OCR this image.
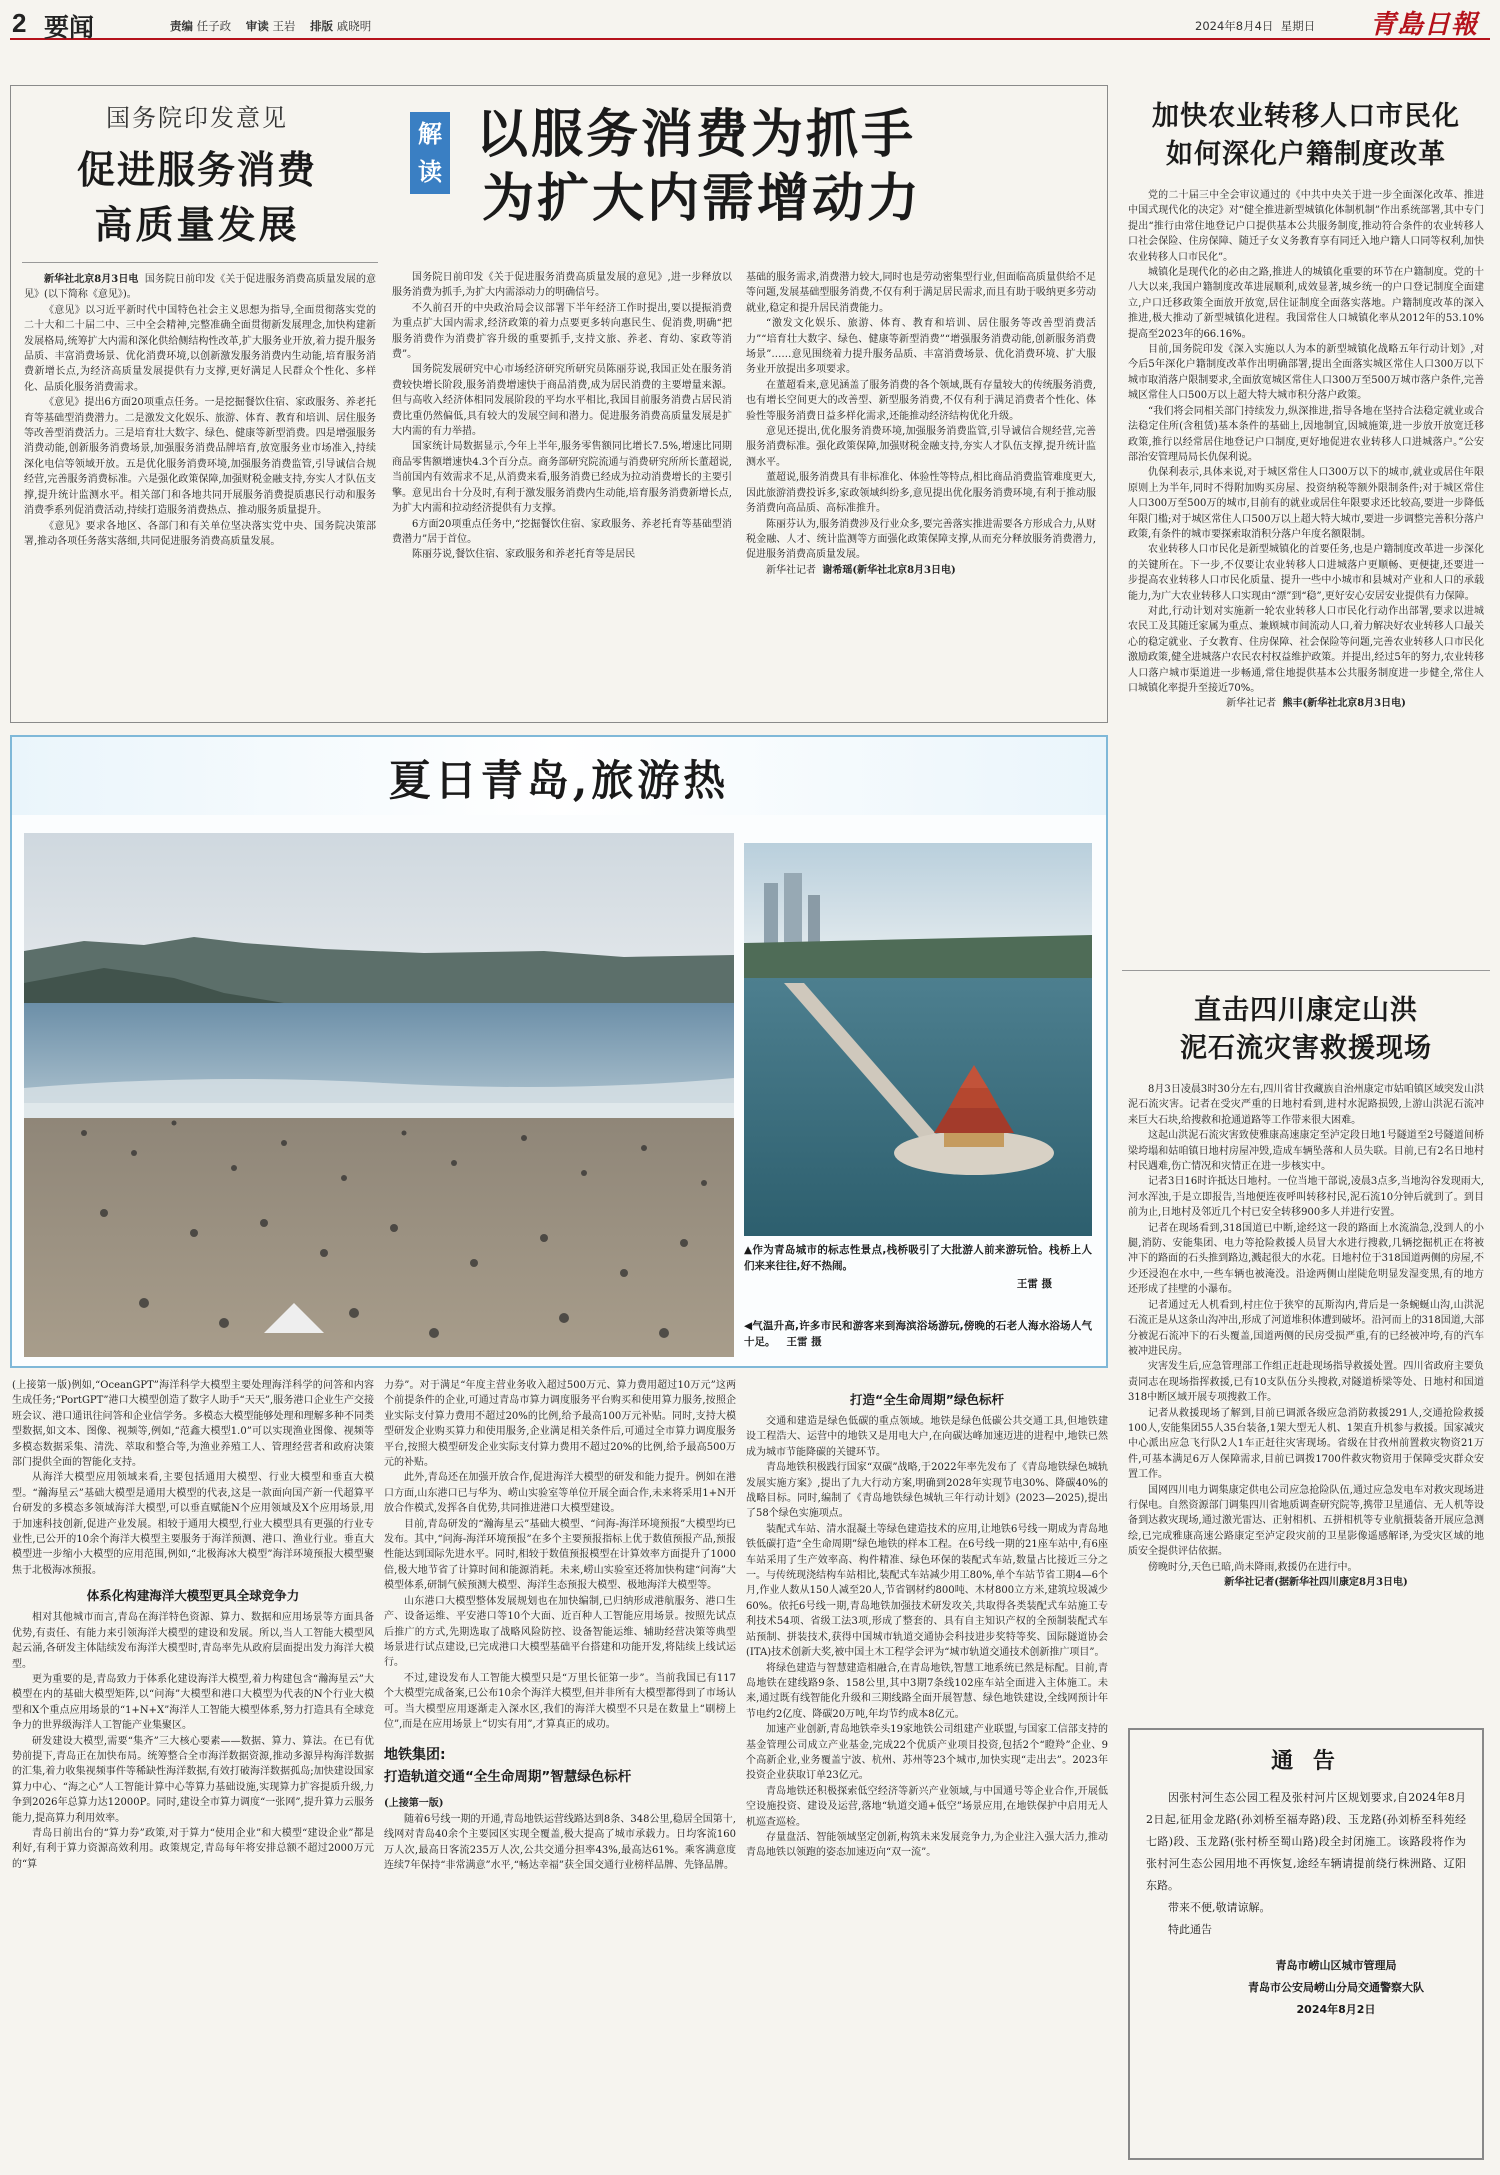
2 要闻	责编 任子政 审读 王岩 排版 戚晓明	2024年8月4日 星期日 青島日報
国务院印发意见
促进服务消费
高质量发展

新华社北京8月3日电 国务院日前印发《关于促进服务消费高质量发展的意见》(以下简称《意见》)。

《意见》以习近平新时代中国特色社会主义思想为指导,全面贯彻落实党的二十大和二十届二中、三中全会精神,完整准确全面贯彻新发展理念,加快构建新发展格局,统筹扩大内需和深化供给侧结构性改革,扩大服务业开放,着力提升服务品质、丰富消费场景、优化消费环境,以创新激发服务消费内生动能,培育服务消费新增长点,为经济高质量发展提供有力支撑,更好满足人民群众个性化、多样化、品质化服务消费需求。

《意见》提出6方面20项重点任务。一是挖掘餐饮住宿、家政服务、养老托育等基础型消费潜力。二是激发文化娱乐、旅游、体育、教育和培训、居住服务等改善型消费活力。三是培育壮大数字、绿色、健康等新型消费。四是增强服务消费动能,创新服务消费场景,加强服务消费品牌培育,放宽服务业市场准入,持续深化电信等领域开放。五是优化服务消费环境,加强服务消费监管,引导诚信合规经营,完善服务消费标准。六是强化政策保障,加强财税金融支持,夯实人才队伍支撑,提升统计监测水平。相关部门和各地共同开展服务消费提质惠民行动和服务消费季系列促消费活动,持续打造服务消费热点、推动服务质量提升。

《意见》要求各地区、各部门和有关单位坚决落实党中央、国务院决策部署,推动各项任务落实落细,共同促进服务消费高质量发展。

解
读
以服务消费为抓手
为扩大内需增动力

国务院日前印发《关于促进服务消费高质量发展的意见》,进一步释放以服务消费为抓手,为扩大内需添动力的明确信号。

不久前召开的中央政治局会议部署下半年经济工作时提出,要以提振消费为重点扩大国内需求,经济政策的着力点要更多转向惠民生、促消费,明确“把服务消费作为消费扩容升级的重要抓手,支持文旅、养老、育幼、家政等消费”。

国务院发展研究中心市场经济研究所研究员陈丽芬说,我国正处在服务消费较快增长阶段,服务消费增速快于商品消费,成为居民消费的主要增量来源。但与高收入经济体相同发展阶段的平均水平相比,我国目前服务消费占居民消费比重仍然偏低,具有较大的发展空间和潜力。促进服务消费高质量发展是扩大内需的有力举措。

国家统计局数据显示,今年上半年,服务零售额同比增长7.5%,增速比同期商品零售额增速快4.3个百分点。商务部研究院流通与消费研究所所长董超说,当前国内有效需求不足,从消费来看,服务消费已经成为拉动消费增长的主要引擎。意见出台十分及时,有利于激发服务消费内生动能,培育服务消费新增长点,为扩大内需和拉动经济提供有力支撑。

6方面20项重点任务中,“挖掘餐饮住宿、家政服务、养老托育等基础型消费潜力”居于首位。

陈丽芬说,餐饮住宿、家政服务和养老托育等是居民

基础的服务需求,消费潜力较大,同时也是劳动密集型行业,但面临高质量供给不足等问题,发展基础型服务消费,不仅有利于满足居民需求,而且有助于吸纳更多劳动就业,稳定和提升居民消费能力。

“激发文化娱乐、旅游、体育、教育和培训、居住服务等改善型消费活力”“培育壮大数字、绿色、健康等新型消费”“增强服务消费动能,创新服务消费场景”……意见围绕着力提升服务品质、丰富消费场景、优化消费环境、扩大服务业开放提出多项要求。

在董超看来,意见涵盖了服务消费的各个领域,既有存量较大的传统服务消费,也有增长空间更大的改善型、新型服务消费,不仅有利于满足消费者个性化、体验性等服务消费日益多样化需求,还能推动经济结构优化升级。

意见还提出,优化服务消费环境,加强服务消费监管,引导诚信合规经营,完善服务消费标准。强化政策保障,加强财税金融支持,夯实人才队伍支撑,提升统计监测水平。

董超说,服务消费具有非标准化、体验性等特点,相比商品消费监管难度更大,因此旅游消费投诉多,家政领域纠纷多,意见提出优化服务消费环境,有利于推动服务消费向高品质、高标准推升。

陈丽芬认为,服务消费涉及行业众多,要完善落实推进需要各方形成合力,从财税金融、人才、统计监测等方面强化政策保障支撑,从而充分释放服务消费潜力,促进服务消费高质量发展。

新华社记者 谢希瑶(新华社北京8月3日电)

加快农业转移人口市民化
如何深化户籍制度改革

党的二十届三中全会审议通过的《中共中央关于进一步全面深化改革、推进中国式现代化的决定》对“健全推进新型城镇化体制机制”作出系统部署,其中专门提出“推行由常住地登记户口提供基本公共服务制度,推动符合条件的农业转移人口社会保险、住房保障、随迁子女义务教育享有同迁入地户籍人口同等权利,加快农业转移人口市民化”。

城镇化是现代化的必由之路,推进人的城镇化重要的环节在户籍制度。党的十八大以来,我国户籍制度改革进展顺利,成效显著,城乡统一的户口登记制度全面建立,户口迁移政策全面放开放宽,居住证制度全面落实落地。户籍制度改革的深入推进,极大推动了新型城镇化进程。我国常住人口城镇化率从2012年的53.10%提高至2023年的66.16%。

目前,国务院印发《深入实施以人为本的新型城镇化战略五年行动计划》,对今后5年深化户籍制度改革作出明确部署,提出全面落实城区常住人口300万以下城市取消落户限制要求,全面放宽城区常住人口300万至500万城市落户条件,完善城区常住人口500万以上超大特大城市积分落户政策。

“我们将会同相关部门持续发力,纵深推进,指导各地在坚持合法稳定就业或合法稳定住所(含租赁)基本条件的基础上,因地制宜,因城施策,进一步放开放宽迁移政策,推行以经常居住地登记户口制度,更好地促进农业转移人口进城落户。”公安部治安管理局局长仇保利说。

仇保利表示,具体来说,对于城区常住人口300万以下的城市,就业或居住年限原则上为半年,同时不得附加购买房屋、投资纳税等额外限制条件;对于城区常住人口300万至500万的城市,目前有的就业或居住年限要求还比较高,要进一步降低年限门槛;对于城区常住人口500万以上超大特大城市,要进一步调整完善积分落户政策,有条件的城市要探索取消积分落户年度名额限制。

农业转移人口市民化是新型城镇化的首要任务,也是户籍制度改革进一步深化的关键所在。下一步,不仅要让农业转移人口进城落户更顺畅、更便捷,还要进一步提高农业转移人口市民化质量、提升一些中小城市和县城对产业和人口的承载能力,为广大农业转移人口实现由“漂”到“稳”,更好安心安居安业提供有力保障。

对此,行动计划对实施新一轮农业转移人口市民化行动作出部署,要求以进城农民工及其随迁家属为重点、兼顾城市间流动人口,着力解决好农业转移人口最关心的稳定就业、子女教育、住房保障、社会保险等问题,完善农业转移人口市民化激励政策,健全进城落户农民农村权益维护政策。并提出,经过5年的努力,农业转移人口落户城市渠道进一步畅通,常住地提供基本公共服务制度进一步健全,常住人口城镇化率提升至接近70%。

新华社记者 熊丰(新华社北京8月3日电)

直击四川康定山洪
泥石流灾害救援现场

8月3日凌晨3时30分左右,四川省甘孜藏族自治州康定市姑咱镇区域突发山洪泥石流灾害。记者在受灾严重的日地村看到,进村水泥路损毁,上游山洪泥石流冲来巨大石块,给搜救和抢通道路等工作带来很大困难。

这起山洪泥石流灾害致使雅康高速康定至泸定段日地1号隧道至2号隧道间桥梁垮塌和姑咱镇日地村房屋冲毁,造成车辆坠落和人员失联。目前,已有2名日地村村民遇难,伤亡情况和灾情正在进一步核实中。

记者3日16时许抵达日地村。一位当地干部说,凌晨3点多,当地沟谷发现雨大,河水浑浊,于是立即报告,当地便连夜呼叫转移村民,泥石流10分钟后就到了。到目前为止,日地村及邻近几个村已安全转移900多人并进行安置。

记者在现场看到,318国道已中断,途经这一段的路面上水流湍急,没到人的小腿,消防、安能集团、电力等抢险救援人员冒大水进行搜救,几辆挖掘机正在将被冲下的路面的石头推到路边,溅起很大的水花。日地村位于318国道两侧的房屋,不少还浸泡在水中,一些车辆也被淹没。沿途两侧山崖陡危明显发湿变黑,有的地方还形成了挂壁的小瀑布。

记者通过无人机看到,村庄位于狭窄的瓦斯沟内,背后是一条蜿蜒山沟,山洪泥石流正是从这条山沟冲出,形成了河道堆积体遭到破坏。沿河而上的318国道,大部分被泥石流冲下的石头覆盖,国道两侧的民房受损严重,有的已经被冲垮,有的汽车被冲进民房。

灾害发生后,应急管理部工作组正赶赴现场指导救援处置。四川省政府主要负责同志在现场指挥救援,已有10支队伍分头搜救,对隧道桥梁等处、日地村和国道318中断区域开展专项搜救工作。

记者从救援现场了解到,目前已调派各级应急消防救援291人,交通抢险救援100人,安能集团55人35台装备,1架大型无人机、1架直升机参与救援。国家减灾中心派出应急飞行队2人1车正赶往灾害现场。省级在甘孜州前置救灾物资21万件,可基本满足6万人保障需求,目前已调拨1700件救灾物资用于保障受灾群众安置工作。

国网四川电力调集康定供电公司应急抢险队伍,通过应急发电车对救灾现场进行保电。自然资源部门调集四川省地质调查研究院等,携带卫星通信、无人机等设备到达救灾现场,通过激光雷达、正射相机、五拼相机等专业航摄装备开展应急测绘,已完成雅康高速公路康定至泸定段灾前的卫星影像遥感解译,为受灾区域的地质安全提供评估依据。

傍晚时分,天色已暗,尚未降雨,救援仍在进行中。

新华社记者(据新华社四川康定8月3日电)

通 告

因张村河生态公园工程及张村河片区规划要求,自2024年8月2日起,征用金龙路(孙刘桥至福寿路)段、玉龙路(孙刘桥至科苑经七路)段、玉龙路(张村桥至蜀山路)段全封闭施工。该路段将作为张村河生态公园用地不再恢复,途经车辆请提前绕行株洲路、辽阳东路。

带来不便,敬请谅解。

特此通告

青岛市崂山区城市管理局
青岛市公安局崂山分局交通警察大队
2024年8月2日
夏日青岛,旅游热

▲作为青岛城市的标志性景点,栈桥吸引了大批游人前来游玩恰。栈桥上人们来来往往,好不热闹。

王雷 摄

◀气温升高,许多市民和游客来到海滨浴场游玩,傍晚的石老人海水浴场人气十足。 王雷 摄

(上接第一版)例如,“OceanGPT”海洋科学大模型主要处理海洋科学的问答和内容生成任务;“PortGPT”港口大模型创造了数字人助手“天天”,服务港口企业生产交接班会议、港口通讯往问答和企业信学务。多模态大模型能够处理和理解多种不同类型数据,如文本、图像、视频等,例如,“范鑫大模型1.0”可以实现渔业图像、视频等多模态数据采集、清洗、萃取和整合等,为渔业养殖工人、管理经营者和政府决策部门提供全面的智能化支持。

从海洋大模型应用领域来看,主要包括通用大模型、行业大模型和垂直大模型。“瀚海星云”基础大模型是通用大模型的代表,这是一款面向国产新一代超算平台研发的多模态多领域海洋大模型,可以垂直赋能N个应用领域及X个应用场景,用于加速科技创新,促进产业发展。相较于通用大模型,行业大模型具有更强的行业专业性,已公开的10余个海洋大模型主要服务于海洋预测、港口、渔业行业。垂直大模型进一步缩小大模型的应用范围,例如,“北极海冰大模型”海洋环境预报大模型聚焦于北极海冰预报。

体系化构建海洋大模型更具全球竞争力

相对其他城市而言,青岛在海洋特色资源、算力、数据和应用场景等方面具备优势,有责任、有能力来引领海洋大模型的建设和发展。所以,当人工智能大模型风起云涌,各研发主体陆续发布海洋大模型时,青岛率先从政府层面提出发力海洋大模型。

更为重要的是,青岛致力于体系化建设海洋大模型,着力构建包含“瀚海星云”大模型在内的基础大模型矩阵,以“问海”大模型和港口大模型为代表的N个行业大模型和X个重点应用场景的“1+N+X”海洋人工智能大模型体系,努力打造具有全球竞争力的世界级海洋人工智能产业集聚区。

研发建设大模型,需要“集齐”三大核心要素——数据、算力、算法。在已有优势前提下,青岛正在加快布局。统筹整合全市海洋数据资源,推动多源异构海洋数据的汇集,着力收集视频事件等稀缺性海洋数据,有效打破海洋数据孤岛;加快建设国家算力中心、“海之心”人工智能计算中心等算力基础设施,实现算力扩容提质升级,力争到2026年总算力达12000P。同时,建设全市算力调度“一张网”,提升算力云服务能力,提高算力利用效率。

青岛日前出台的“算力券”政策,对于算力“使用企业”和大模型“建设企业”都是利好,有利于算力资源高效利用。政策规定,青岛每年将安排总额不超过2000万元的“算

力券”。对于满足“年度主营业务收入超过500万元、算力费用超过10万元”这两个前提条件的企业,可通过青岛市算力调度服务平台购买和使用算力服务,按照企业实际支付算力费用不超过20%的比例,给予最高100万元补贴。同时,支持大模型研发企业购买算力和使用服务,企业满足相关条件后,可通过全市算力调度服务平台,按照大模型研发企业实际支付算力费用不超过20%的比例,给予最高500万元的补贴。

此外,青岛还在加强开放合作,促进海洋大模型的研发和能力提升。例如在港口方面,山东港口已与华为、崂山实验室等单位开展全面合作,未来将采用1+N开放合作模式,发挥各自优势,共同推进港口大模型建设。

目前,青岛研发的“瀚海星云”基础大模型、“问海-海洋环境预报”大模型均已发布。其中,“问海-海洋环境预报”在多个主要预报指标上优于数值预报产品,预报性能达到国际先进水平。同时,相较于数值预报模型在计算效率方面提升了1000倍,极大地节省了计算时间和能源消耗。未来,崂山实验室还将加快构建“问海”大模型体系,研制气候预测大模型、海洋生态预报大模型、极地海洋大模型等。

山东港口大模型整体发展规划也在加快编制,已归纳形成港航服务、港口生产、设备运维、平安港口等10个大面、近百种人工智能应用场景。按照先试点后推广的方式,先期选取了战略风险防控、设备智能运维、辅助经营决策等典型场景进行试点建设,已完成港口大模型基础平台搭建和功能开发,将陆续上线试运行。

不过,建设发布人工智能大模型只是“万里长征第一步”。当前我国已有117个大模型完成备案,已公布10余个海洋大模型,但并非所有大模型都得到了市场认可。当大模型应用逐渐走入深水区,我们的海洋大模型不只是在数量上“刷榜上位”,而是在应用场景上“切实有用”,才算真正的成功。

地铁集团:
打造轨道交通“全生命周期”智慧绿色标杆

(上接第一版)

随着6号线一期的开通,青岛地铁运营线路达到8条、348公里,稳居全国第十,线网对青岛40余个主要园区实现全覆盖,极大提高了城市承载力。日均客流160万人次,最高日客流235万人次,公共交通分担率43%,最高达61%。乘客满意度连续7年保持“非常满意”水平,“畅达幸福”获全国交通行业榜样品牌、先锋品牌。

打造“全生命周期”绿色标杆

交通和建造是绿色低碳的重点领域。地铁是绿色低碳公共交通工具,但地铁建设工程浩大、运营中的地铁又是用电大户,在向碳达峰加速迈进的进程中,地铁已然成为城市节能降碳的关键环节。

青岛地铁积极践行国家“双碳”战略,于2022年率先发布了《青岛地铁绿色城轨发展实施方案》,提出了九大行动方案,明确到2028年实现节电30%、降碳40%的战略目标。同时,编制了《青岛地铁绿色城轨三年行动计划》(2023—2025),提出了58个绿色实施项点。

装配式车站、清水混凝土等绿色建造技术的应用,让地铁6号线一期成为青岛地铁低碳打造“全生命周期”绿色地铁的样本工程。在6号线一期的21座车站中,有6座车站采用了生产效率高、构件精准、绿色环保的装配式车站,数量占比接近三分之一。与传统现浇结构车站相比,装配式车站减少用工80%,单个车站节省工期4—6个月,作业人数从150人减至20人,节省钢材约800吨、木材800立方米,建筑垃圾减少60%。依托6号线一期,青岛地铁加强技术研发攻关,共取得各类装配式车站施工专利技术54项、省级工法3项,形成了整套的、具有自主知识产权的全预制装配式车站预制、拼装技术,获得中国城市轨道交通协会科技进步奖特等奖、国际隧道协会(ITA)技术创新大奖,被中国土木工程学会评为“城市轨道交通技术创新推广项目”。

将绿色建造与智慧建造相融合,在青岛地铁,智慧工地系统已然是标配。目前,青岛地铁在建线路9条、158公里,其中3期7条线102座车站全面进入主体施工。未来,通过既有线智能化升级和三期线路全面开展智慧、绿色地铁建设,全线网预计年节电约2亿度、降碳20万吨,年均节约成本8亿元。

加速产业创新,青岛地铁牵头19家地铁公司组建产业联盟,与国家工信部支持的基金管理公司成立产业基金,完成22个优质产业项目投资,包括2个“瞪羚”企业、9个高新企业,业务覆盖宁波、杭州、苏州等23个城市,加快实现“走出去”。2023年投资企业获取订单23亿元。

青岛地铁还积极探索低空经济等新兴产业领域,与中国通号等企业合作,开展低空设施投资、建设及运营,落地“轨道交通+低空”场景应用,在地铁保护中启用无人机巡查巡检。

存量盘活、智能领域坚定创新,构筑未来发展竞争力,为企业注入强大活力,推动青岛地铁以领跑的姿态加速迈向“双一流”。
